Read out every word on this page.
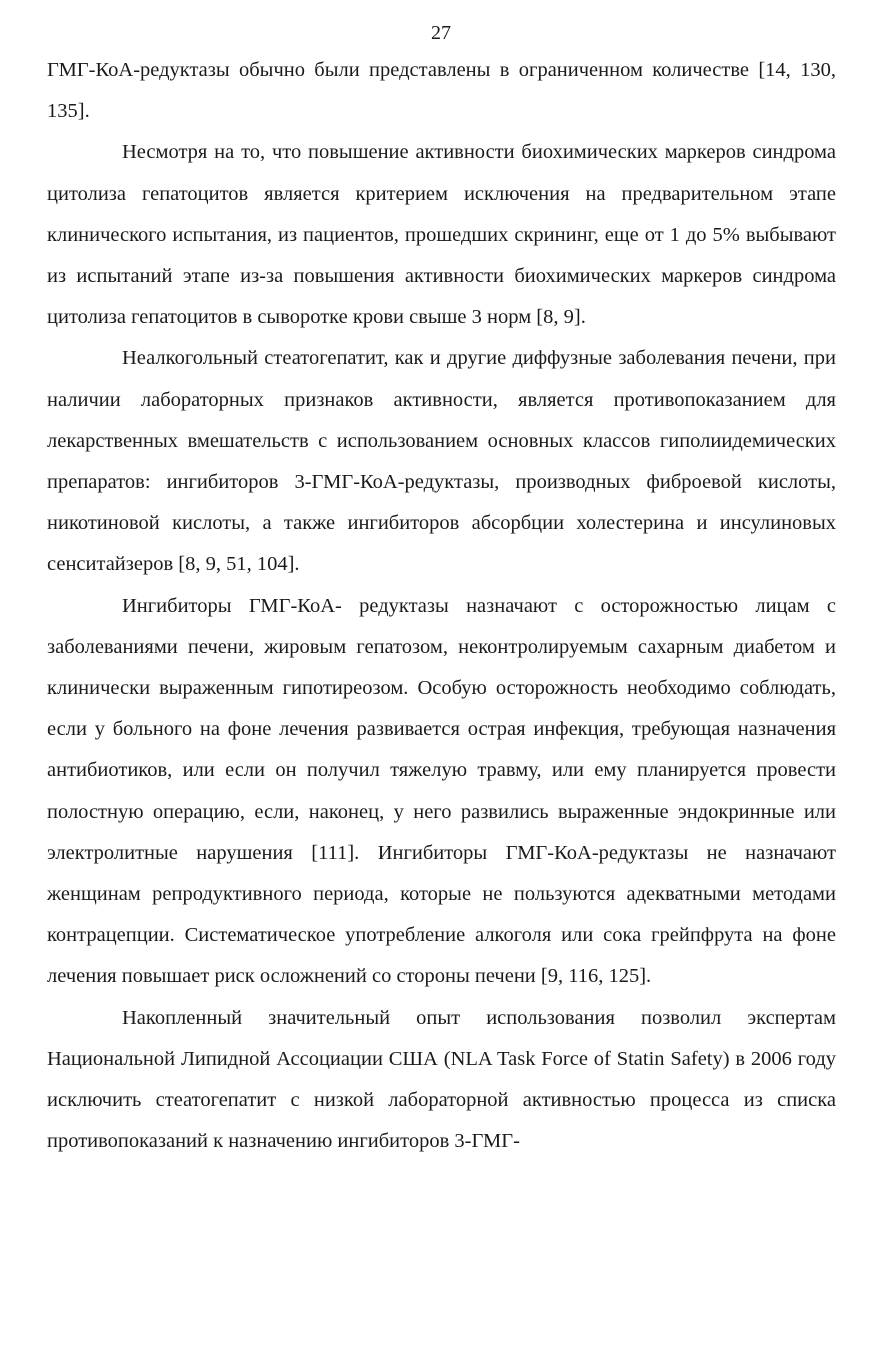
27

ГМГ-КоА-редуктазы обычно были представлены в ограниченном количестве [14, 130, 135].

Несмотря на то, что повышение активности биохимических маркеров синдрома цитолиза гепатоцитов является критерием исключения на предварительном этапе клинического испытания, из пациентов, прошедших скрининг, еще от 1 до 5% выбывают из испытаний этапе из-за повышения активности биохимических маркеров синдрома цитолиза гепатоцитов в сыворотке крови свыше 3 норм [8, 9].

Неалкогольный стеатогепатит, как и другие диффузные заболевания печени, при наличии лабораторных признаков активности, является противопоказанием для лекарственных вмешательств с использованием основных классов гиполиидемических препаратов: ингибиторов 3-ГМГ-КоА-редуктазы, производных фиброевой кислоты, никотиновой кислоты, а также ингибиторов абсорбции холестерина и инсулиновых сенситайзеров [8, 9, 51, 104].

Ингибиторы ГМГ-КоА- редуктазы назначают с осторожностью лицам с заболеваниями печени, жировым гепатозом, неконтролируемым сахарным диабетом и клинически выраженным гипотиреозом. Особую осторожность необходимо соблюдать, если у больного на фоне лечения развивается острая инфекция, требующая назначения антибиотиков, или если он получил тяжелую травму, или ему планируется провести полостную операцию, если, наконец, у него развились выраженные эндокринные или электролитные нарушения [111]. Ингибиторы ГМГ-КоА-редуктазы не назначают женщинам репродуктивного периода, которые не пользуются адекватными методами контрацепции. Систематическое употребление алкоголя или сока грейпфрута на фоне лечения повышает риск осложнений со стороны печени [9, 116, 125].

Накопленный значительный опыт использования позволил экспертам Национальной Липидной Ассоциации США (NLA Task Force of Statin Safety) в 2006 году исключить стеатогепатит с низкой лабораторной активностью процесса из списка противопоказаний к назначению ингибиторов 3-ГМГ-
